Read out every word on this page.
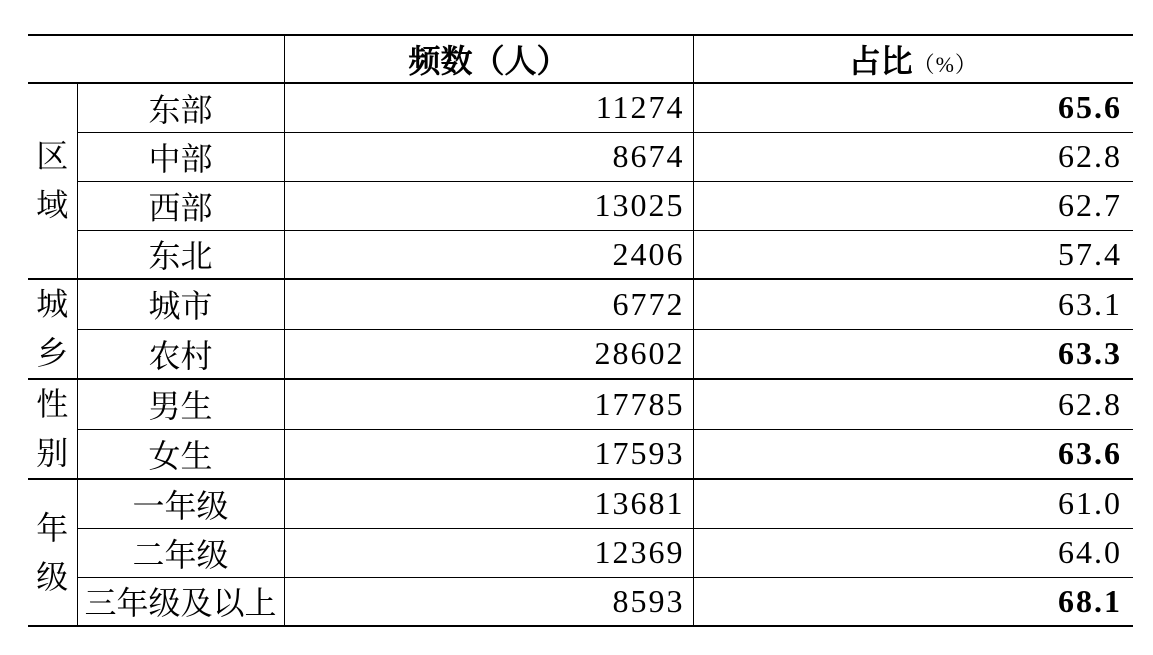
		频数（人）	占比（%）

区
域	东部	11274	65.6
	中部	8674	62.8
	西部	13025	62.7
	东北	2406	57.4

城
乡	城市	6772	63.1
	农村	28602	63.3

性
别	男生	17785	62.8
	女生	17593	63.6

年
级	一年级	13681	61.0
	二年级	12369	64.0
	三年级及以上	8593	68.1
